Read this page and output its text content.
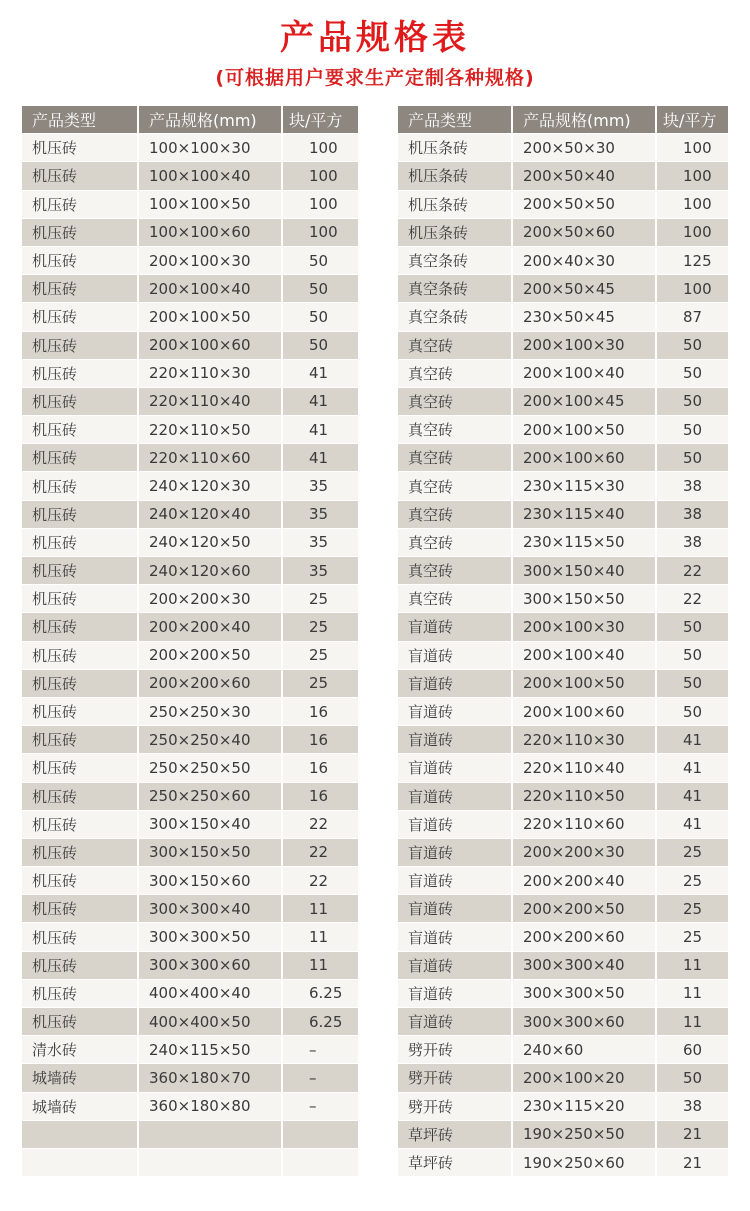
产品规格表
(可根据用户要求生产定制各种规格)
产品类型	产品规格(mm)	块/平方
机压砖	100×100×30	100
机压砖	100×100×40	100
机压砖	100×100×50	100
机压砖	100×100×60	100
机压砖	200×100×30	50
机压砖	200×100×40	50
机压砖	200×100×50	50
机压砖	200×100×60	50
机压砖	220×110×30	41
机压砖	220×110×40	41
机压砖	220×110×50	41
机压砖	220×110×60	41
机压砖	240×120×30	35
机压砖	240×120×40	35
机压砖	240×120×50	35
机压砖	240×120×60	35
机压砖	200×200×30	25
机压砖	200×200×40	25
机压砖	200×200×50	25
机压砖	200×200×60	25
机压砖	250×250×30	16
机压砖	250×250×40	16
机压砖	250×250×50	16
机压砖	250×250×60	16
机压砖	300×150×40	22
机压砖	300×150×50	22
机压砖	300×150×60	22
机压砖	300×300×40	11
机压砖	300×300×50	11
机压砖	300×300×60	11
机压砖	400×400×40	6.25
机压砖	400×400×50	6.25
清水砖	240×115×50	–
城墙砖	360×180×70	–
城墙砖	360×180×80	–

产品类型	产品规格(mm)	块/平方
机压条砖	200×50×30	100
机压条砖	200×50×40	100
机压条砖	200×50×50	100
机压条砖	200×50×60	100
真空条砖	200×40×30	125
真空条砖	200×50×45	100
真空条砖	230×50×45	87
真空砖	200×100×30	50
真空砖	200×100×40	50
真空砖	200×100×45	50
真空砖	200×100×50	50
真空砖	200×100×60	50
真空砖	230×115×30	38
真空砖	230×115×40	38
真空砖	230×115×50	38
真空砖	300×150×40	22
真空砖	300×150×50	22
盲道砖	200×100×30	50
盲道砖	200×100×40	50
盲道砖	200×100×50	50
盲道砖	200×100×60	50
盲道砖	220×110×30	41
盲道砖	220×110×40	41
盲道砖	220×110×50	41
盲道砖	220×110×60	41
盲道砖	200×200×30	25
盲道砖	200×200×40	25
盲道砖	200×200×50	25
盲道砖	200×200×60	25
盲道砖	300×300×40	11
盲道砖	300×300×50	11
盲道砖	300×300×60	11
劈开砖	240×60	60
劈开砖	200×100×20	50
劈开砖	230×115×20	38
草坪砖	190×250×50	21
草坪砖	190×250×60	21
